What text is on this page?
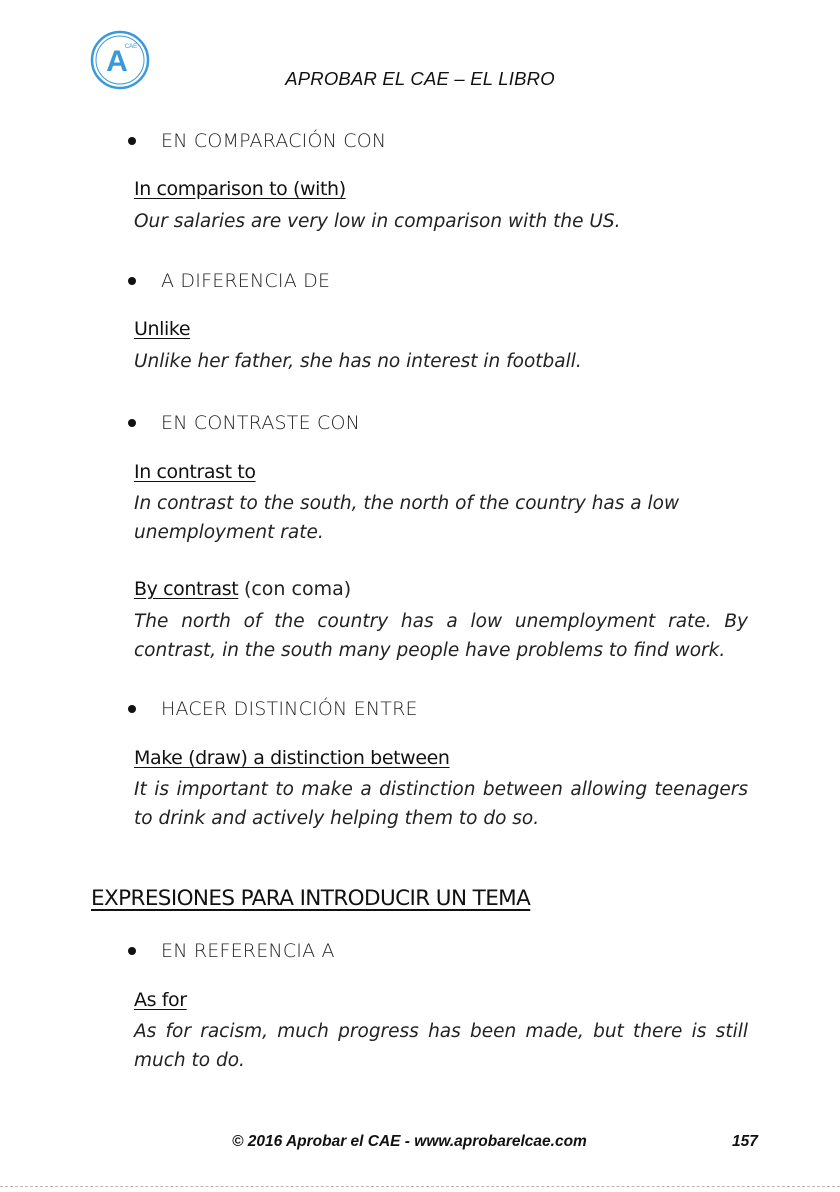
A
CAE
APROBAR EL CAE – EL LIBRO
EN COMPARACIÓN CON
In comparison to (with)
Our salaries are very low in comparison with the US.
A DIFERENCIA DE
Unlike
Unlike her father, she has no interest in football.
EN CONTRASTE CON
In contrast to
In contrast to the south, the north of the country has a low unemployment rate.
By contrast (con coma)
The north of the country has a low unemployment rate. By contrast, in the south many people have problems to find work.
HACER DISTINCIÓN ENTRE
Make (draw) a distinction between
It is important to make a distinction between allowing teenagers to drink and actively helping them to do so.
EXPRESIONES PARA INTRODUCIR UN TEMA
EN REFERENCIA A
As for
As for racism, much progress has been made, but there is still much to do.
© 2016 Aprobar el CAE - www.aprobarelcae.com	157
